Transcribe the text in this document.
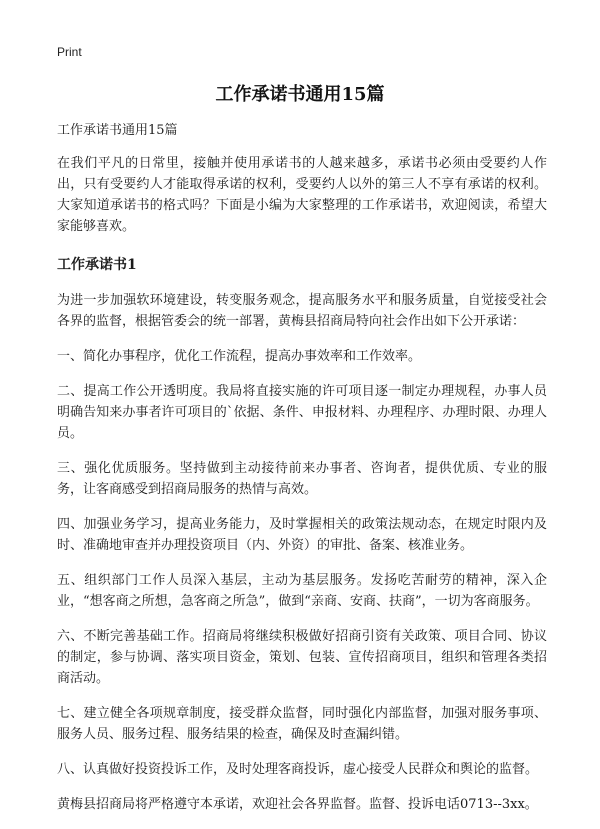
Print
工作承诺书通用15篇

工作承诺书通用15篇

在我们平凡的日常里，接触并使用承诺书的人越来越多，承诺书必须由受要约人作出，只有受要约人才能取得承诺的权利，受要约人以外的第三人不享有承诺的权利。大家知道承诺书的格式吗？下面是小编为大家整理的工作承诺书，欢迎阅读，希望大家能够喜欢。

工作承诺书1

为进一步加强软环境建设，转变服务观念，提高服务水平和服务质量，自觉接受社会各界的监督，根据管委会的统一部署，黄梅县招商局特向社会作出如下公开承诺：

一、简化办事程序，优化工作流程，提高办事效率和工作效率。

二、提高工作公开透明度。我局将直接实施的许可项目逐一制定办理规程，办事人员明确告知来办事者许可项目的`依据、条件、申报材料、办理程序、办理时限、办理人员。

三、强化优质服务。坚持做到主动接待前来办事者、咨询者，提供优质、专业的服务，让客商感受到招商局服务的热情与高效。

四、加强业务学习，提高业务能力，及时掌握相关的政策法规动态，在规定时限内及时、准确地审查并办理投资项目（内、外资）的审批、备案、核准业务。

五、组织部门工作人员深入基层，主动为基层服务。发扬吃苦耐劳的精神，深入企业，“想客商之所想，急客商之所急”，做到“亲商、安商、扶商”，一切为客商服务。

六、不断完善基础工作。招商局将继续积极做好招商引资有关政策、项目合同、协议的制定，参与协调、落实项目资金，策划、包装、宣传招商项目，组织和管理各类招商活动。

七、建立健全各项规章制度，接受群众监督，同时强化内部监督，加强对服务事项、服务人员、服务过程、服务结果的检查，确保及时查漏纠错。

八、认真做好投资投诉工作，及时处理客商投诉，虚心接受人民群众和舆论的监督。

黄梅县招商局将严格遵守本承诺，欢迎社会各界监督。监督、投诉电话0713--3xx。
